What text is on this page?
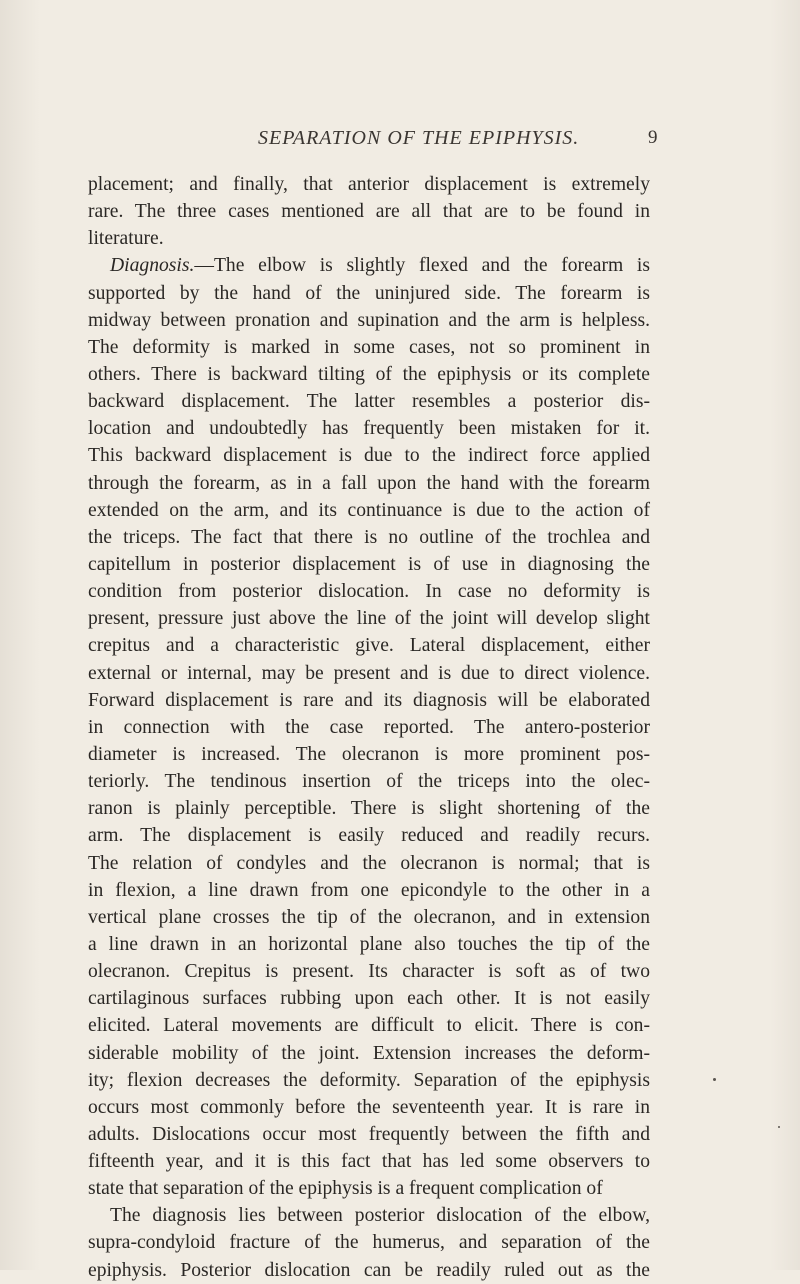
SEPARATION OF THE EPIPHYSIS.	9
placement; and finally, that anterior displacement is extremely
rare. The three cases mentioned are all that are to be found in
literature.
Diagnosis.—The elbow is slightly flexed and the forearm is
supported by the hand of the uninjured side. The forearm is
midway between pronation and supination and the arm is helpless.
The deformity is marked in some cases, not so prominent in
others. There is backward tilting of the epiphysis or its complete
backward displacement. The latter resembles a posterior dis-
location and undoubtedly has frequently been mistaken for it.
This backward displacement is due to the indirect force applied
through the forearm, as in a fall upon the hand with the forearm
extended on the arm, and its continuance is due to the action of
the triceps. The fact that there is no outline of the trochlea and
capitellum in posterior displacement is of use in diagnosing the
condition from posterior dislocation. In case no deformity is
present, pressure just above the line of the joint will develop slight
crepitus and a characteristic give. Lateral displacement, either
external or internal, may be present and is due to direct violence.
Forward displacement is rare and its diagnosis will be elaborated
in connection with the case reported. The antero-posterior
diameter is increased. The olecranon is more prominent pos-
teriorly. The tendinous insertion of the triceps into the olec-
ranon is plainly perceptible. There is slight shortening of the
arm. The displacement is easily reduced and readily recurs.
The relation of condyles and the olecranon is normal; that is
in flexion, a line drawn from one epicondyle to the other in a
vertical plane crosses the tip of the olecranon, and in extension
a line drawn in an horizontal plane also touches the tip of the
olecranon. Crepitus is present. Its character is soft as of two
cartilaginous surfaces rubbing upon each other. It is not easily
elicited. Lateral movements are difficult to elicit. There is con-
siderable mobility of the joint. Extension increases the deform-
ity; flexion decreases the deformity. Separation of the epiphysis
occurs most commonly before the seventeenth year. It is rare in
adults. Dislocations occur most frequently between the fifth and
fifteenth year, and it is this fact that has led some observers to
state that separation of the epiphysis is a frequent complication of
The diagnosis lies between posterior dislocation of the elbow,
supra-condyloid fracture of the humerus, and separation of the
epiphysis. Posterior dislocation can be readily ruled out as the
